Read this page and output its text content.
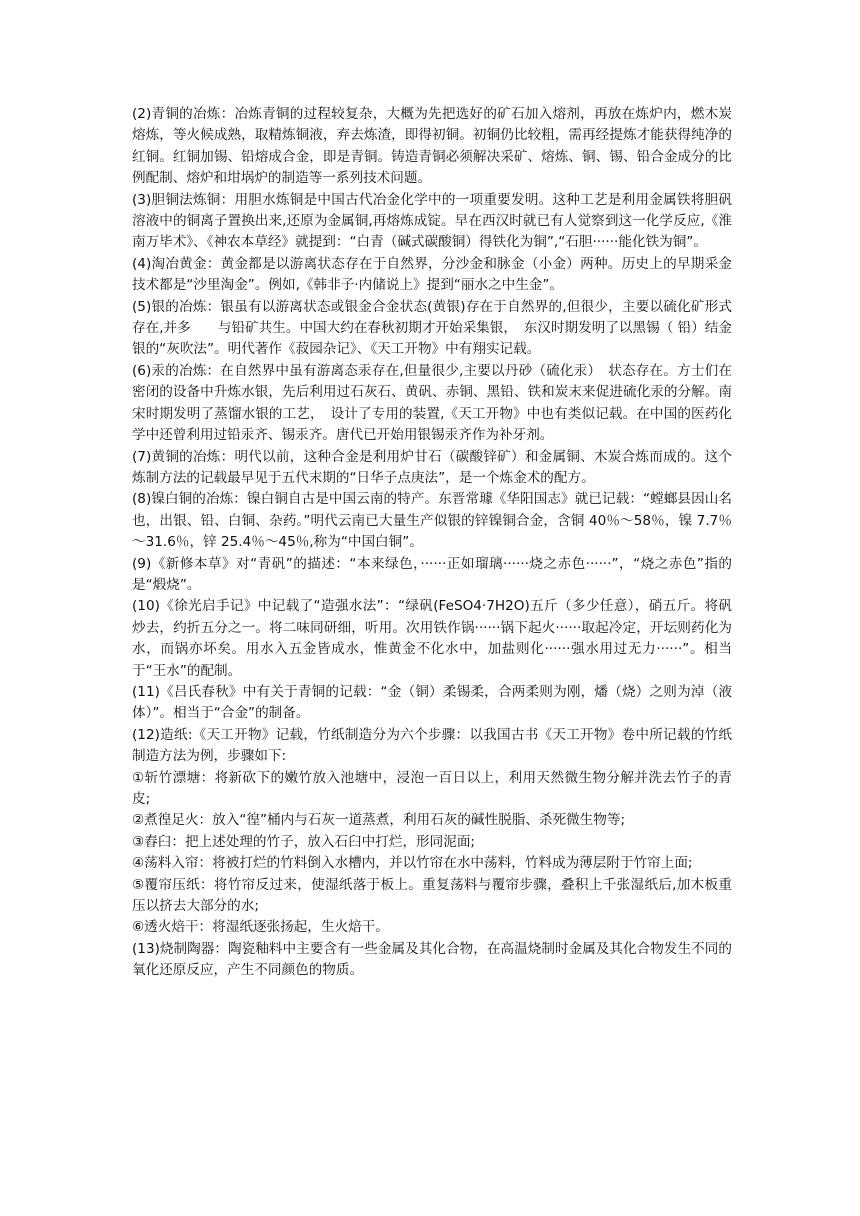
(2)青铜的冶炼：冶炼青铜的过程较复杂，大概为先把选好的矿石加入熔剂，再放在炼炉内，燃木炭熔炼，等火候成熟，取精炼铜液，弃去炼渣，即得初铜。初铜仍比较粗，需再经提炼才能获得纯净的红铜。红铜加锡、铅熔成合金，即是青铜。铸造青铜必须解决采矿、熔炼、铜、锡、铅合金成分的比例配制、熔炉和坩埚炉的制造等一系列技术问题。

(3)胆铜法炼铜：用胆水炼铜是中国古代冶金化学中的一项重要发明。这种工艺是利用金属铁将胆矾溶液中的铜离子置换出来,还原为金属铜,再熔炼成锭。早在西汉时就已有人觉察到这一化学反应,《淮南万毕术》、《神农本草经》就提到：“白青（碱式碳酸铜）得铁化为铜”,“石胆······能化铁为铜”。

(4)淘冶黄金：黄金都是以游离状态存在于自然界，分沙金和脉金（小金）两种。历史上的早期采金技术都是“沙里淘金”。例如,《韩非子·内储说上》提到“丽水之中生金”。

(5)银的冶炼：银虽有以游离状态或银金合金状态(黄银)存在于自然界的,但很少，主要以硫化矿形式存在,并多　　与铅矿共生。中国大约在春秋初期才开始采集银，　东汉时期发明了以黑锡（ 铅）结金银的“灰吹法”。明代著作《菽园杂记》、《天工开物》中有翔实记载。

(6)汞的冶炼：在自然界中虽有游离态汞存在,但量很少,主要以丹砂（硫化汞）　状态存在。方士们在密闭的设备中升炼水银，先后利用过石灰石、黄矾、赤铜、黑铅、铁和炭末来促进硫化汞的分解。南宋时期发明了蒸馏水银的工艺，　设计了专用的装置,《天工开物》中也有类似记载。在中国的医药化学中还曾利用过铅汞齐、锡汞齐。唐代已开始用银锡汞齐作为补牙剂。

(7)黄铜的冶炼：明代以前，这种合金是利用炉甘石（碳酸锌矿）和金属铜、木炭合炼而成的。这个炼制方法的记载最早见于五代末期的“日华子点庚法”，是一个炼金术的配方。

(8)镍白铜的冶炼：镍白铜自古是中国云南的特产。东晋常璩《华阳国志》就已记载：“螳螂县因山名也，出银、铅、白铜、杂药。”明代云南已大量生产似银的锌镍铜合金，含铜 40％～58％，镍 7.7％～31.6％，锌 25.4％～45％,称为“中国白铜”。

(9)《新修本草》对“青矾”的描述：“本来绿色，······正如瑠璃······烧之赤色······”，“烧之赤色”指的是“煅烧”。

(10)《徐光启手记》中记载了“造强水法”：“绿矾(FeSO4·7H2O)五斤（多少任意），硝五斤。将矾炒去，约折五分之一。将二味同研细，听用。次用铁作锅······锅下起火······取起冷定，开坛则药化为水，而锅亦坏矣。用水入五金皆成水，惟黄金不化水中，加盐则化······强水用过无力······”。相当于“王水”的配制。

(11)《吕氏春秋》中有关于青铜的记载：“金（铜）柔锡柔，合两柔则为刚，燔（烧）之则为淖（液体）”。相当于“合金”的制备。

(12)造纸:《天工开物》记载，竹纸制造分为六个步骤：以我国古书《天工开物》卷中所记载的竹纸制造方法为例，步骤如下:

①斩竹漂塘：将新砍下的嫩竹放入池塘中，浸泡一百日以上，利用天然微生物分解并洗去竹子的青皮;

②煮徨足火：放入“徨”桶内与石灰一道蒸煮，利用石灰的碱性脱脂、杀死微生物等;

③舂臼：把上述处理的竹子，放入石臼中打烂，形同泥面;

④荡料入帘：将被打烂的竹料倒入水槽内，并以竹帘在水中荡料，竹料成为薄层附于竹帘上面;

⑤覆帘压纸：将竹帘反过来，使湿纸落于板上。重复荡料与覆帘步骤，叠积上千张湿纸后,加木板重压以挤去大部分的水;

⑥透火焙干：将湿纸逐张扬起，生火焙干。

(13)烧制陶器：陶瓷釉料中主要含有一些金属及其化合物，在高温烧制时金属及其化合物发生不同的氧化还原反应，产生不同颜色的物质。
